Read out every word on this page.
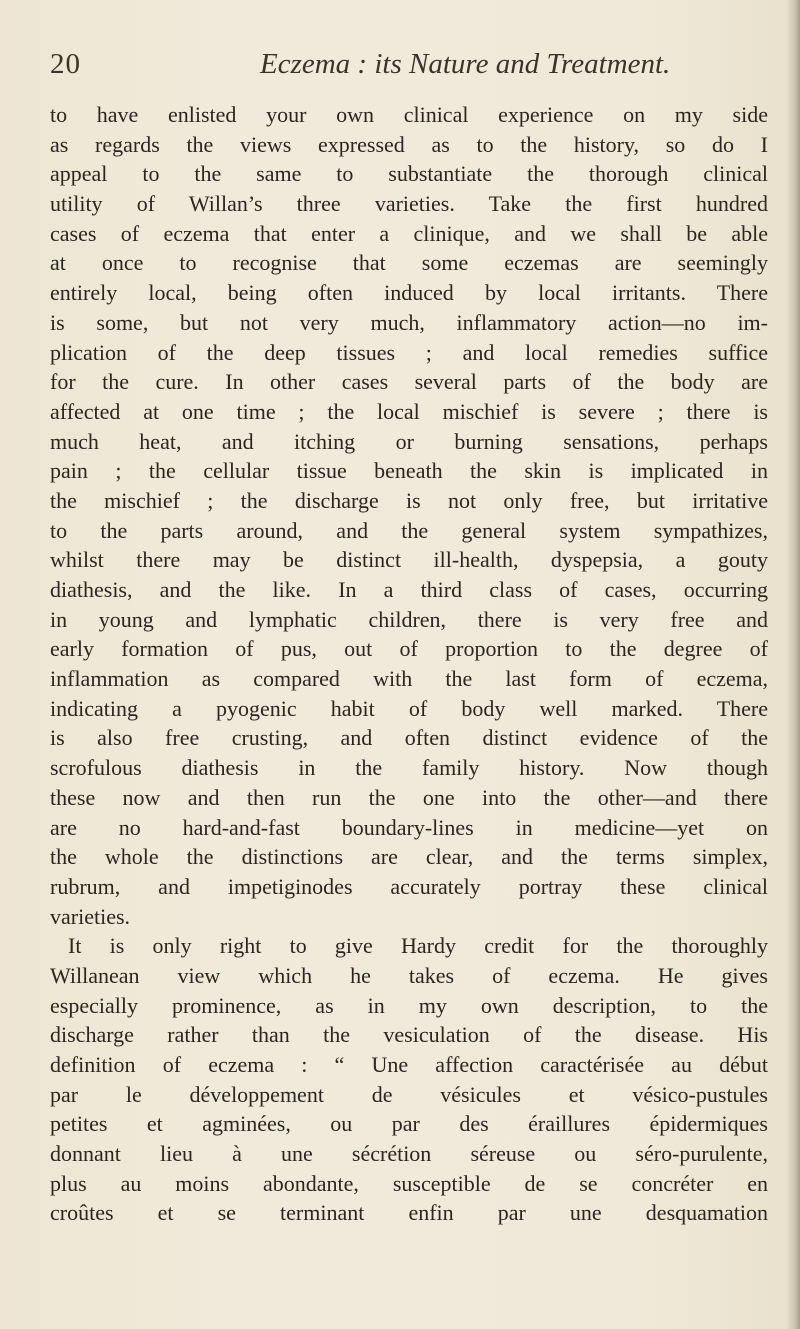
20	Eczema : its Nature and Treatment.
to have enlisted your own clinical experience on my side
as regards the views expressed as to the history, so do I
appeal to the same to substantiate the thorough clinical
utility of Willan’s three varieties. Take the first hundred
cases of eczema that enter a clinique, and we shall be able
at once to recognise that some eczemas are seemingly
entirely local, being often induced by local irritants. There
is some, but not very much, inflammatory action—no im-
plication of the deep tissues ; and local remedies suffice
for the cure. In other cases several parts of the body are
affected at one time ; the local mischief is severe ; there is
much heat, and itching or burning sensations, perhaps
pain ; the cellular tissue beneath the skin is implicated in
the mischief ; the discharge is not only free, but irritative
to the parts around, and the general system sympathizes,
whilst there may be distinct ill-health, dyspepsia, a gouty
diathesis, and the like. In a third class of cases, occurring
in young and lymphatic children, there is very free and
early formation of pus, out of proportion to the degree of
inflammation as compared with the last form of eczema,
indicating a pyogenic habit of body well marked. There
is also free crusting, and often distinct evidence of the
scrofulous diathesis in the family history. Now though
these now and then run the one into the other—and there
are no hard-and-fast boundary-lines in medicine—yet on
the whole the distinctions are clear, and the terms simplex,
rubrum, and impetiginodes accurately portray these clinical
varieties.
It is only right to give Hardy credit for the thoroughly
Willanean view which he takes of eczema. He gives
especially prominence, as in my own description, to the
discharge rather than the vesiculation of the disease. His
definition of eczema : “ Une affection caractérisée au début
par le développement de vésicules et vésico-pustules
petites et agminées, ou par des éraillures épidermiques
donnant lieu à une sécrétion séreuse ou séro-purulente,
plus au moins abondante, susceptible de se concréter en
croûtes et se terminant enfin par une desquamation
